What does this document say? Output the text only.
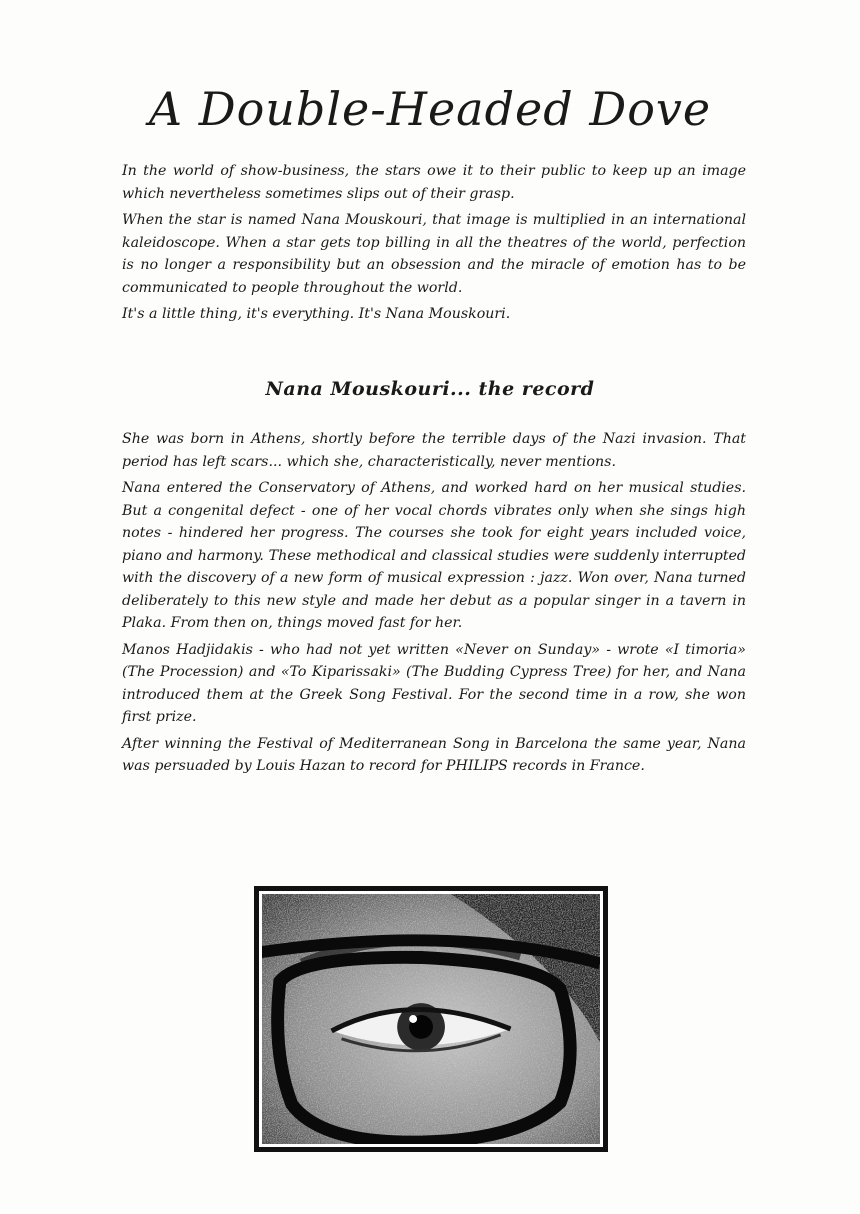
A Double-Headed Dove

In the world of show-business, the stars owe it to their public to keep up an image which nevertheless sometimes slips out of their grasp.

When the star is named Nana Mouskouri, that image is multiplied in an international kaleidoscope. When a star gets top billing in all the theatres of the world, perfection is no longer a responsibility but an obsession and the miracle of emotion has to be communicated to people throughout the world.

It's a little thing, it's everything. It's Nana Mouskouri.

Nana Mouskouri... the record

She was born in Athens, shortly before the terrible days of the Nazi invasion. That period has left scars... which she, characteristically, never mentions.

Nana entered the Conservatory of Athens, and worked hard on her musical studies. But a congenital defect - one of her vocal chords vibrates only when she sings high notes - hindered her progress. The courses she took for eight years included voice, piano and harmony. These methodical and classical studies were suddenly interrupted with the discovery of a new form of musical expression : jazz. Won over, Nana turned deliberately to this new style and made her debut as a popular singer in a tavern in Plaka. From then on, things moved fast for her.

Manos Hadjidakis - who had not yet written «Never on Sunday» - wrote «I timoria» (The Procession) and «To Kiparissaki» (The Budding Cypress Tree) for her, and Nana introduced them at the Greek Song Festival. For the second time in a row, she won first prize.

After winning the Festival of Mediterranean Song in Barcelona the same year, Nana was persuaded by Louis Hazan to record for PHILIPS records in France.
